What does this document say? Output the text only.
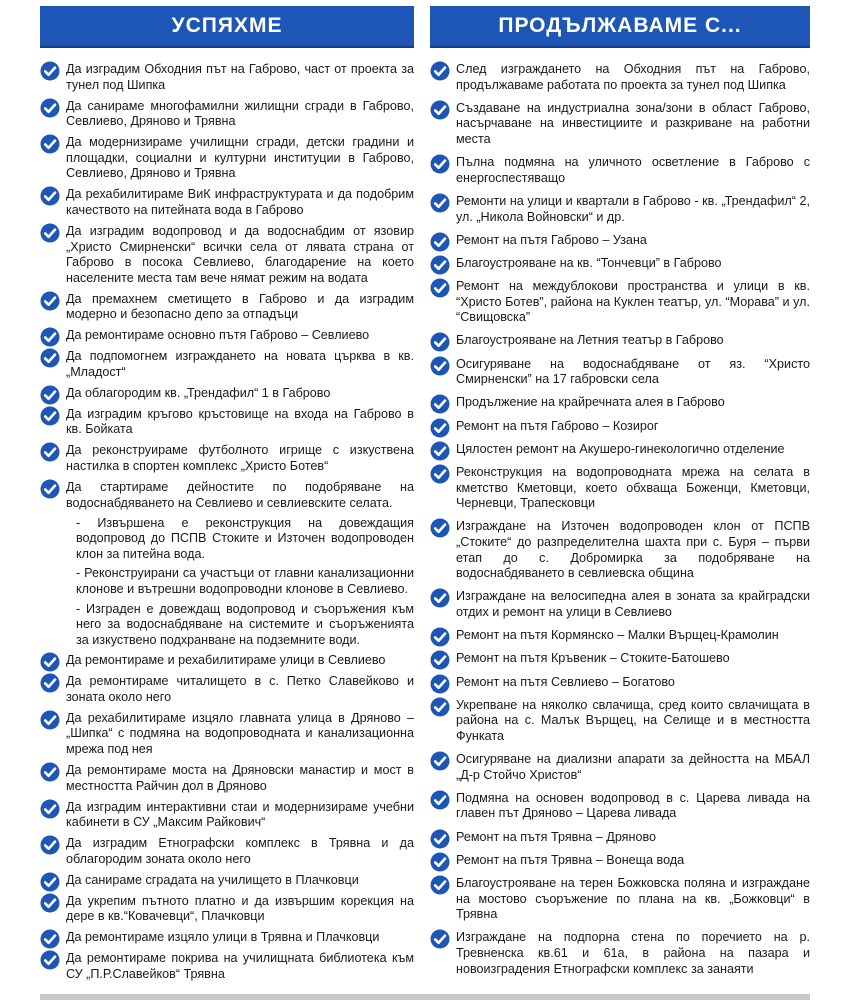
УСПЯХМЕ
Да изградим Обходния път на Габрово, част от проекта за тунел под Шипка
Да санираме многофамилни жилищни сгради в Габрово, Севлиево, Дряново и Трявна
Да модернизираме училищни сгради, детски градини и площадки, социални и културни институции в Габрово, Севлиево, Дряново и Трявна
Да рехабилитираме ВиК инфраструктурата и да подобрим качеството на питейната вода в Габрово
Да изградим водопровод и да водоснабдим от язовир „Христо Смирненски“ всички села от лявата страна от Габрово в посока Севлиево, благодарение на което населените места там вече нямат режим на водата
Да премахнем сметището в Габрово и да изградим модерно и безопасно депо за отпадъци
Да ремонтираме основно пътя Габрово – Севлиево
Да подпомогнем изграждането на новата църква в кв. „Младост“
Да облагородим кв. „Трендафил“ 1 в Габрово
Да изградим кръгово кръстовище на входа на Габрово в кв. Бойката
Да реконструираме футболното игрище с изкуствена настилка в спортен комплекс „Христо Ботев“
Да стартираме дейностите по подобряване на водоснабдяването на Севлиево и севлиевските селата.
- Извършена е реконструкция на довеждащия водопровод до ПСПВ Стоките и Източен водопроводен клон за питейна вода.
- Реконструирани са участъци от главни канализационни клонове и вътрешни водопроводни клонове в Севлиево.
- Изграден е довеждащ водопровод и съоръжения към него за водоснабдяване на системите и съоръженията за изкуствено подхранване на подземните води.
Да ремонтираме и рехабилитираме улици в Севлиево
Да ремонтираме читалището в с. Петко Славейково и зоната около него
Да рехабилитираме изцяло главната улица в Дряново – „Шипка“ с подмяна на водопроводната и канализационна мрежа под нея
Да ремонтираме моста на Дряновски манастир и мост в местността Райчин дол в Дряново
Да изградим интерактивни стаи и модернизираме учебни кабинети в СУ „Максим Райкович“
Да изградим Етнографски комплекс в Трявна и да облагородим зоната около него
Да санираме сградата на училището в Плачковци
Да укрепим пътното платно и да извършим корекция на дере в кв.“Ковачевци“, Плачковци
Да ремонтираме изцяло улици в Трявна и Плачковци
Да ремонтираме покрива на училищната библиотека към СУ „П.Р.Славейков“ Трявна
ПРОДЪЛЖАВАМЕ С...
След изграждането на Обходния път на Габрово, продължаваме работата по проекта за тунел под Шипка
Създаване на индустриална зона/зони в област Габрово, насърчаване на инвестициите и разкриване на работни места
Пълна подмяна на уличното осветление в Габрово с енергоспестяващо
Ремонти на улици и квартали в Габрово - кв. „Трендафил“ 2, ул. „Никола Войновски“ и др.
Ремонт на пътя Габрово – Узана
Благоустрояване на кв. “Тончевци” в Габрово
Ремонт на междублокови пространства и улици в кв. “Христо Ботев”, района на Куклен театър, ул. “Морава” и ул. “Свищовска”
Благоустрояване на Летния театър в Габрово
Осигуряване на водоснабдяване от яз. “Христо Смирненски” на 17 габровски села
Продължение на крайречната алея в Габрово
Ремонт на пътя Габрово – Козирог
Цялостен ремонт на Акушеро-гинекологично отделение
Реконструкция на водопроводната мрежа на селата в кметство Кметовци, което обхваща Боженци, Кметовци, Черневци, Трапесковци
Изграждане на Източен водопроводен клон от ПСПВ „Стоките“ до разпределителна шахта при с. Буря – първи етап до с. Добромирка за подобряване на водоснабдяването в севлиевска община
Изграждане на велосипедна алея в зоната за крайградски отдих и ремонт на улици в Севлиево
Ремонт на пътя Кормянско – Малки Върщец-Крамолин
Ремонт на пътя Кръвеник – Стоките-Батошево
Ремонт на пътя Севлиево – Богатово
Укрепване на няколко свлачища, сред които свлачищата в района на с. Малък Върщец, на Селище и в местността Функата
Осигуряване на диализни апарати за дейността на МБАЛ „Д-р Стойчо Христов“
Подмяна на основен водопровод в с. Царева ливада на главен път Дряново – Царева ливада
Ремонт на пътя Трявна – Дряново
Ремонт на пътя Трявна – Вонеща вода
Благоустрояване на терен Божковска поляна и изграждане на мостово съоръжение по плана на кв. „Божковци“ в Трявна
Изграждане на подпорна стена по поречието на р. Тревненска кв.61 и 61а, в района на пазара и новоизградения Етнографски комплекс за занаяти
